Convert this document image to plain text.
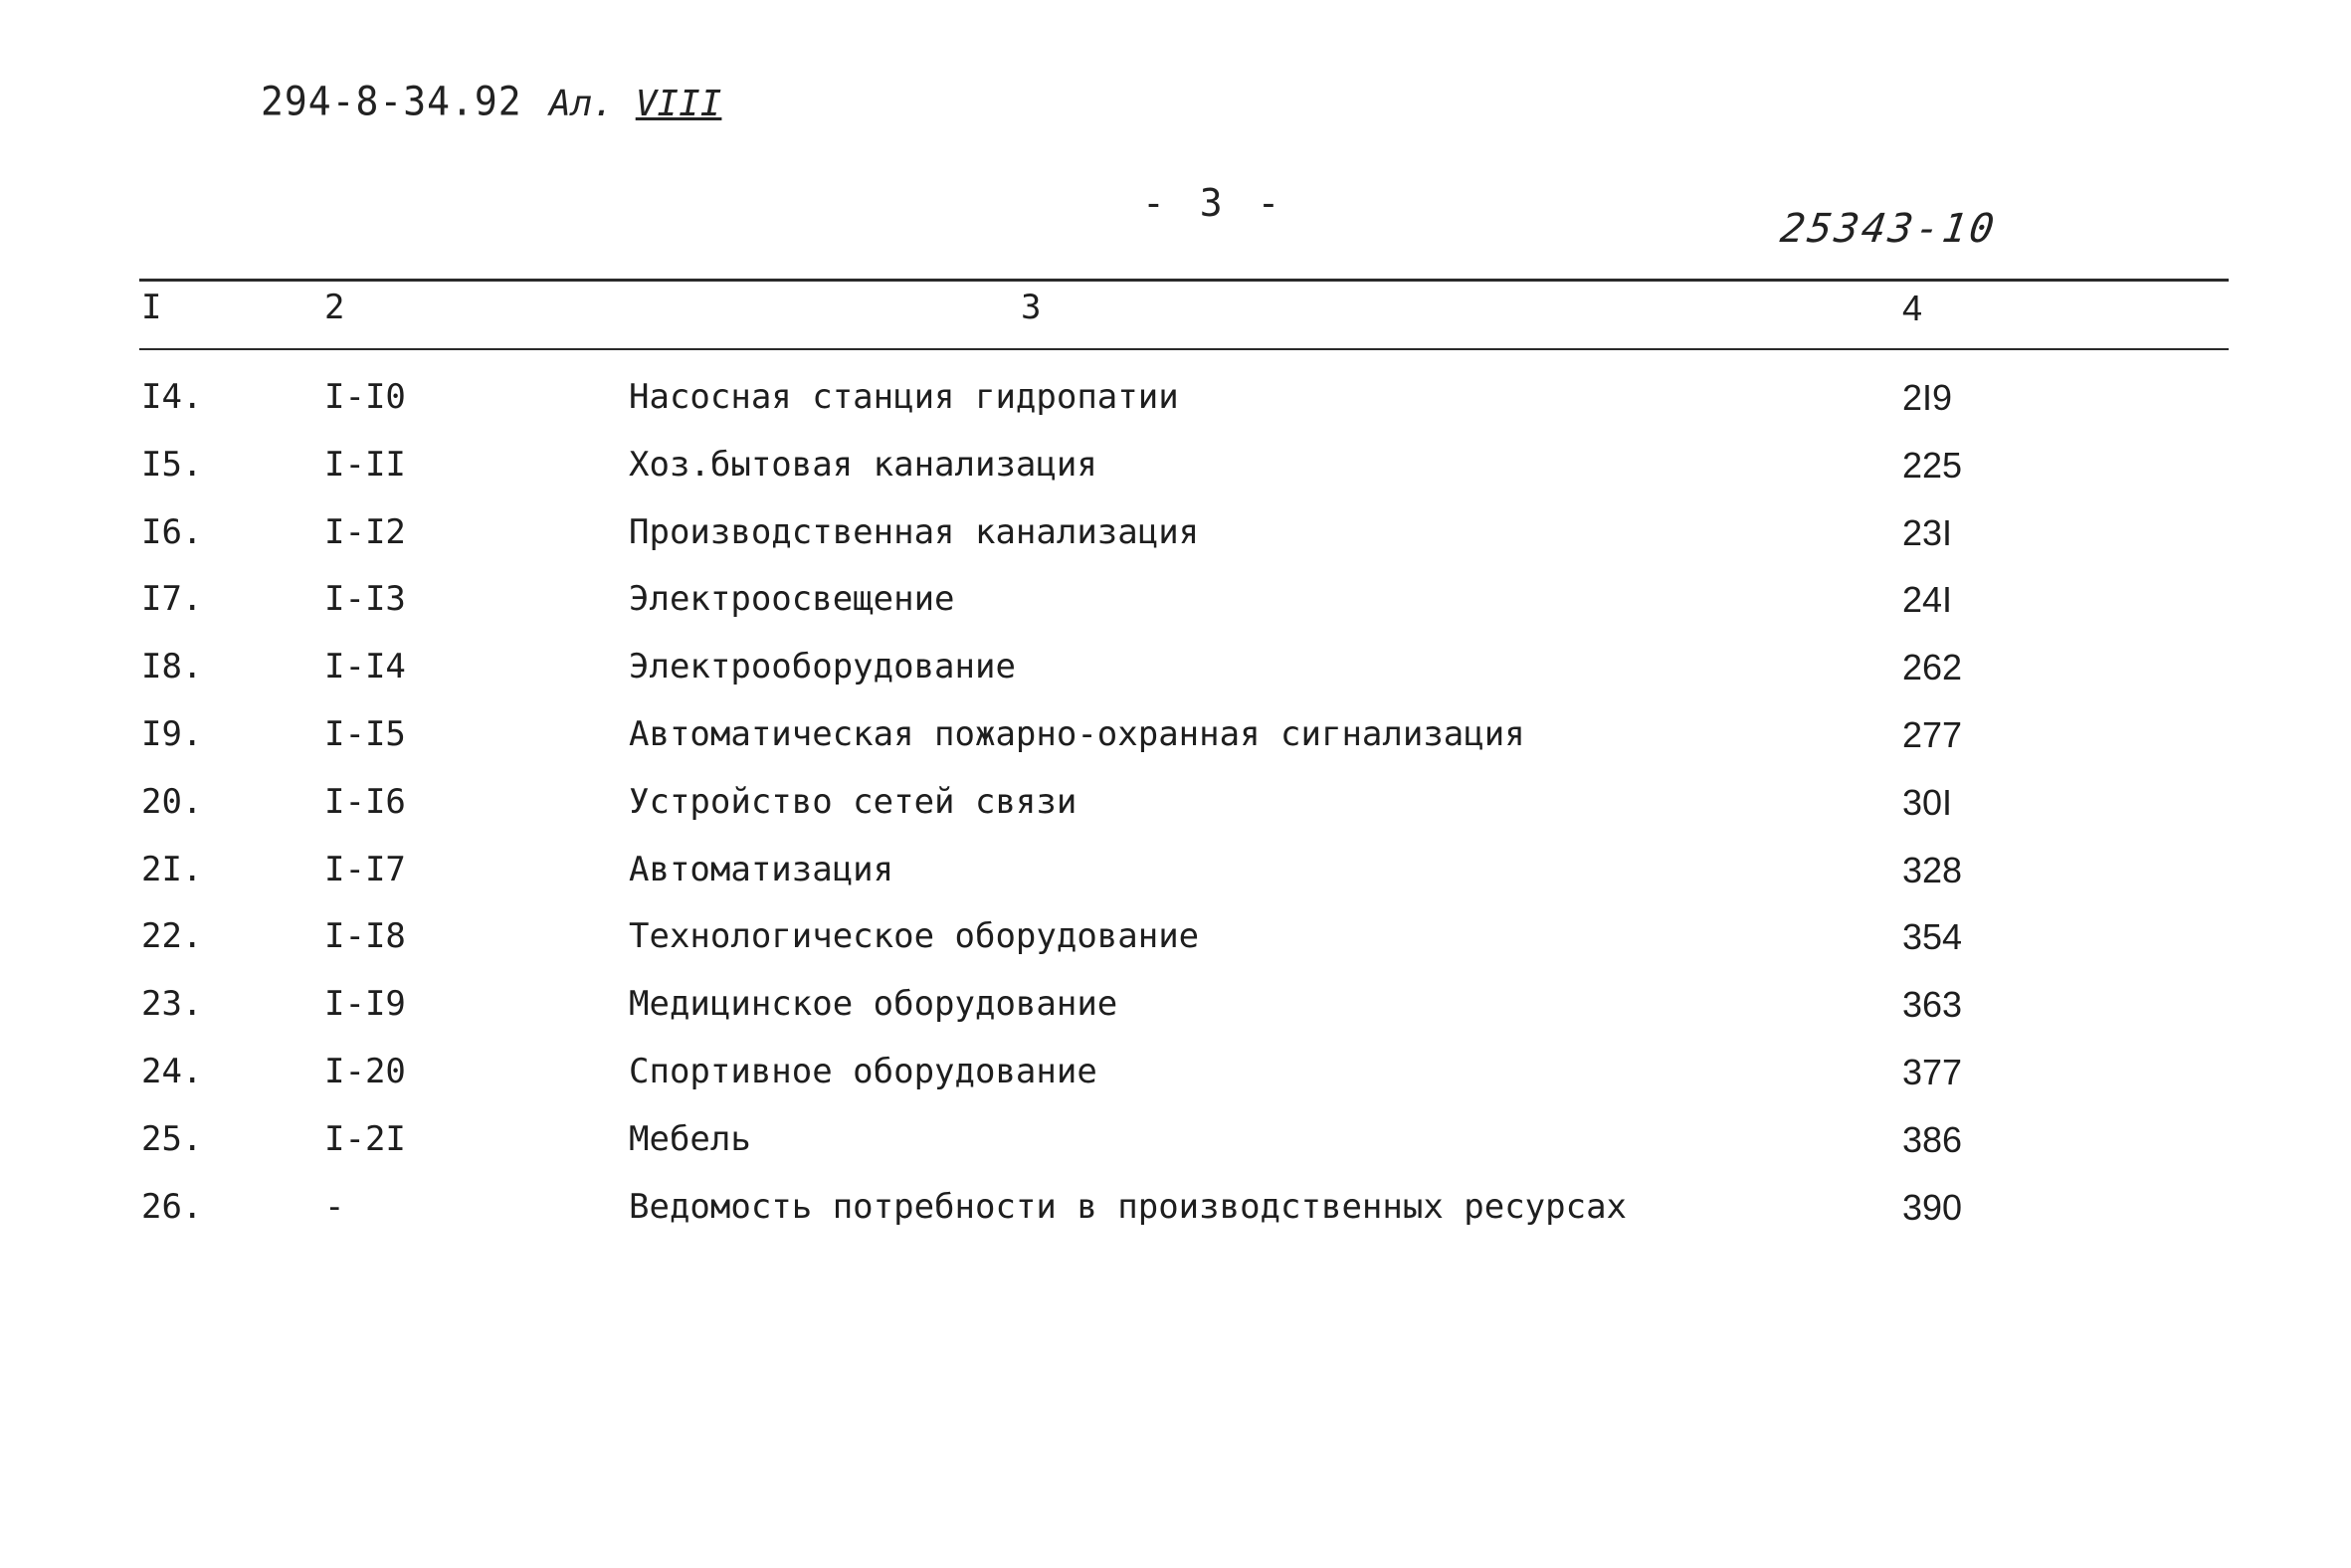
294-8-34.92 Ал. VIII
- 3 -
25343-10
I	2	3	4
I4.	I-I0	Насосная станция гидропатии	2I9
I5.	I-II	Хоз.бытовая канализация	225
I6.	I-I2	Производственная канализация	23I
I7.	I-I3	Электроосвещение	24I
I8.	I-I4	Электрооборудование	262
I9.	I-I5	Автоматическая пожарно-охранная сигнализация	277
20.	I-I6	Устройство сетей связи	30I
2I.	I-I7	Автоматизация	328
22.	I-I8	Технологическое оборудование	354
23.	I-I9	Медицинское оборудование	363
24.	I-20	Спортивное оборудование	377
25.	I-2I	Мебель	386
26.	-	Ведомость потребности в производственных ресурсах	390
